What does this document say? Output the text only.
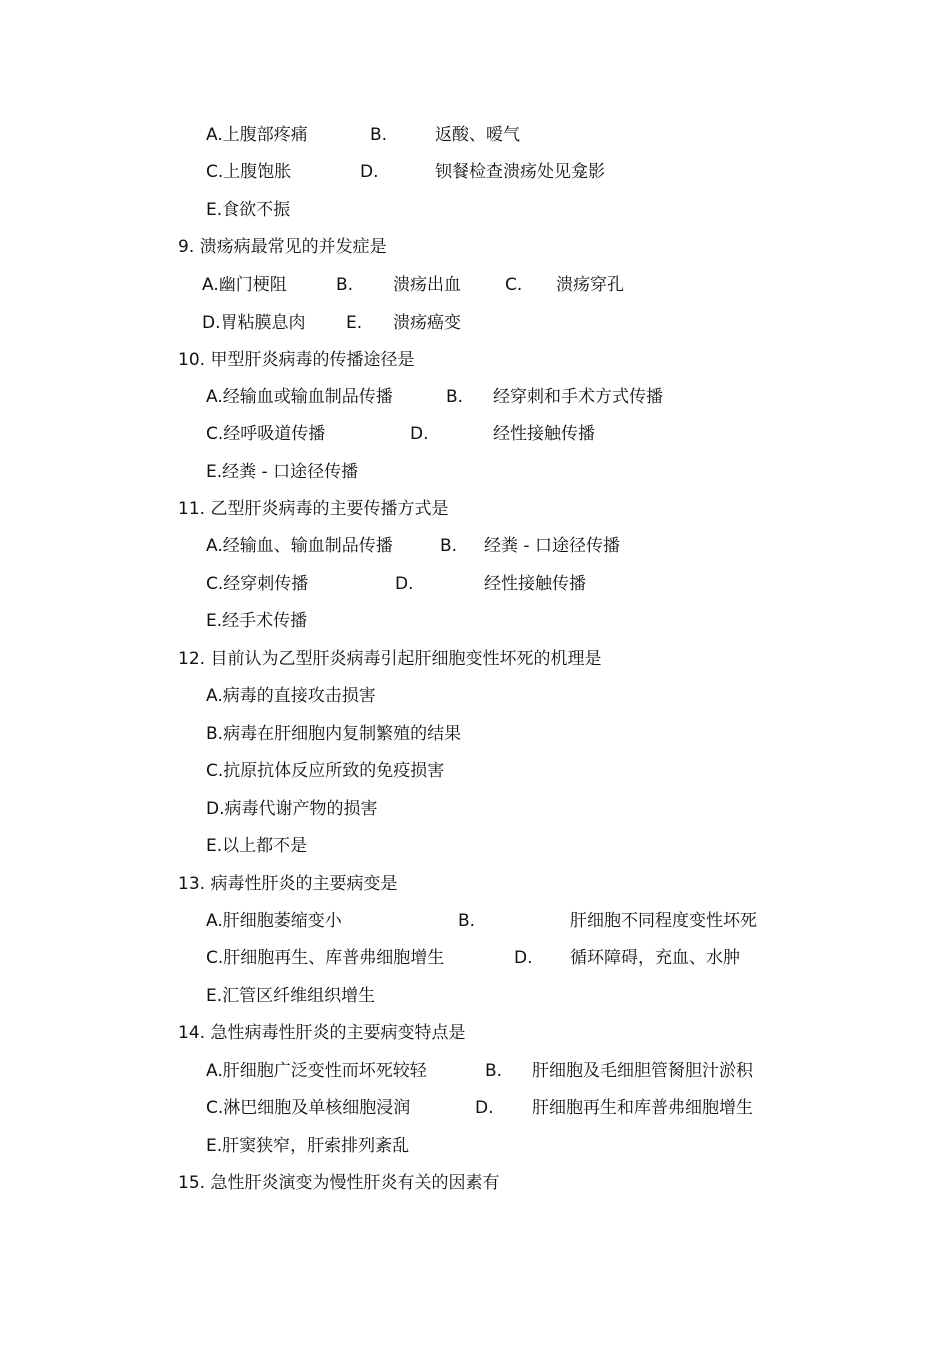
A.上腹部疼痛	B.	返酸、嗳气
C.上腹饱胀	D.	钡餐检查溃疡处见龛影
E.食欲不振
9. 溃疡病最常见的并发症是
A.幽门梗阻	B. 溃疡出血	C. 溃疡穿孔
D.胃粘膜息肉 E. 溃疡癌变
10. 甲型肝炎病毒的传播途径是
A.经输血或输血制品传播	B. 经穿刺和手术方式传播
C.经呼吸道传播	D.	经性接触传播
E.经粪 - 口途径传播
11. 乙型肝炎病毒的主要传播方式是
A.经输血、输血制品传播	B. 经粪 - 口途径传播
C.经穿刺传播	D.	经性接触传播
E.经手术传播
12. 目前认为乙型肝炎病毒引起肝细胞变性坏死的机理是
A.病毒的直接攻击损害
B.病毒在肝细胞内复制繁殖的结果
C.抗原抗体反应所致的免疫损害
D.病毒代谢产物的损害
E.以上都不是
13. 病毒性肝炎的主要病变是
A.肝细胞萎缩变小	B.	肝细胞不同程度变性坏死
C.肝细胞再生、库普弗细胞增生	D. 循环障碍，充血、水肿
E.汇管区纤维组织增生
14. 急性病毒性肝炎的主要病变特点是
A.肝细胞广泛变性而坏死较轻	B. 肝细胞及毛细胆管胬胆汁淤积
C.淋巴细胞及单核细胞浸润	D. 肝细胞再生和库普弗细胞增生
E.肝窦狭窄，肝索排列紊乱
15. 急性肝炎演变为慢性肝炎有关的因素有
